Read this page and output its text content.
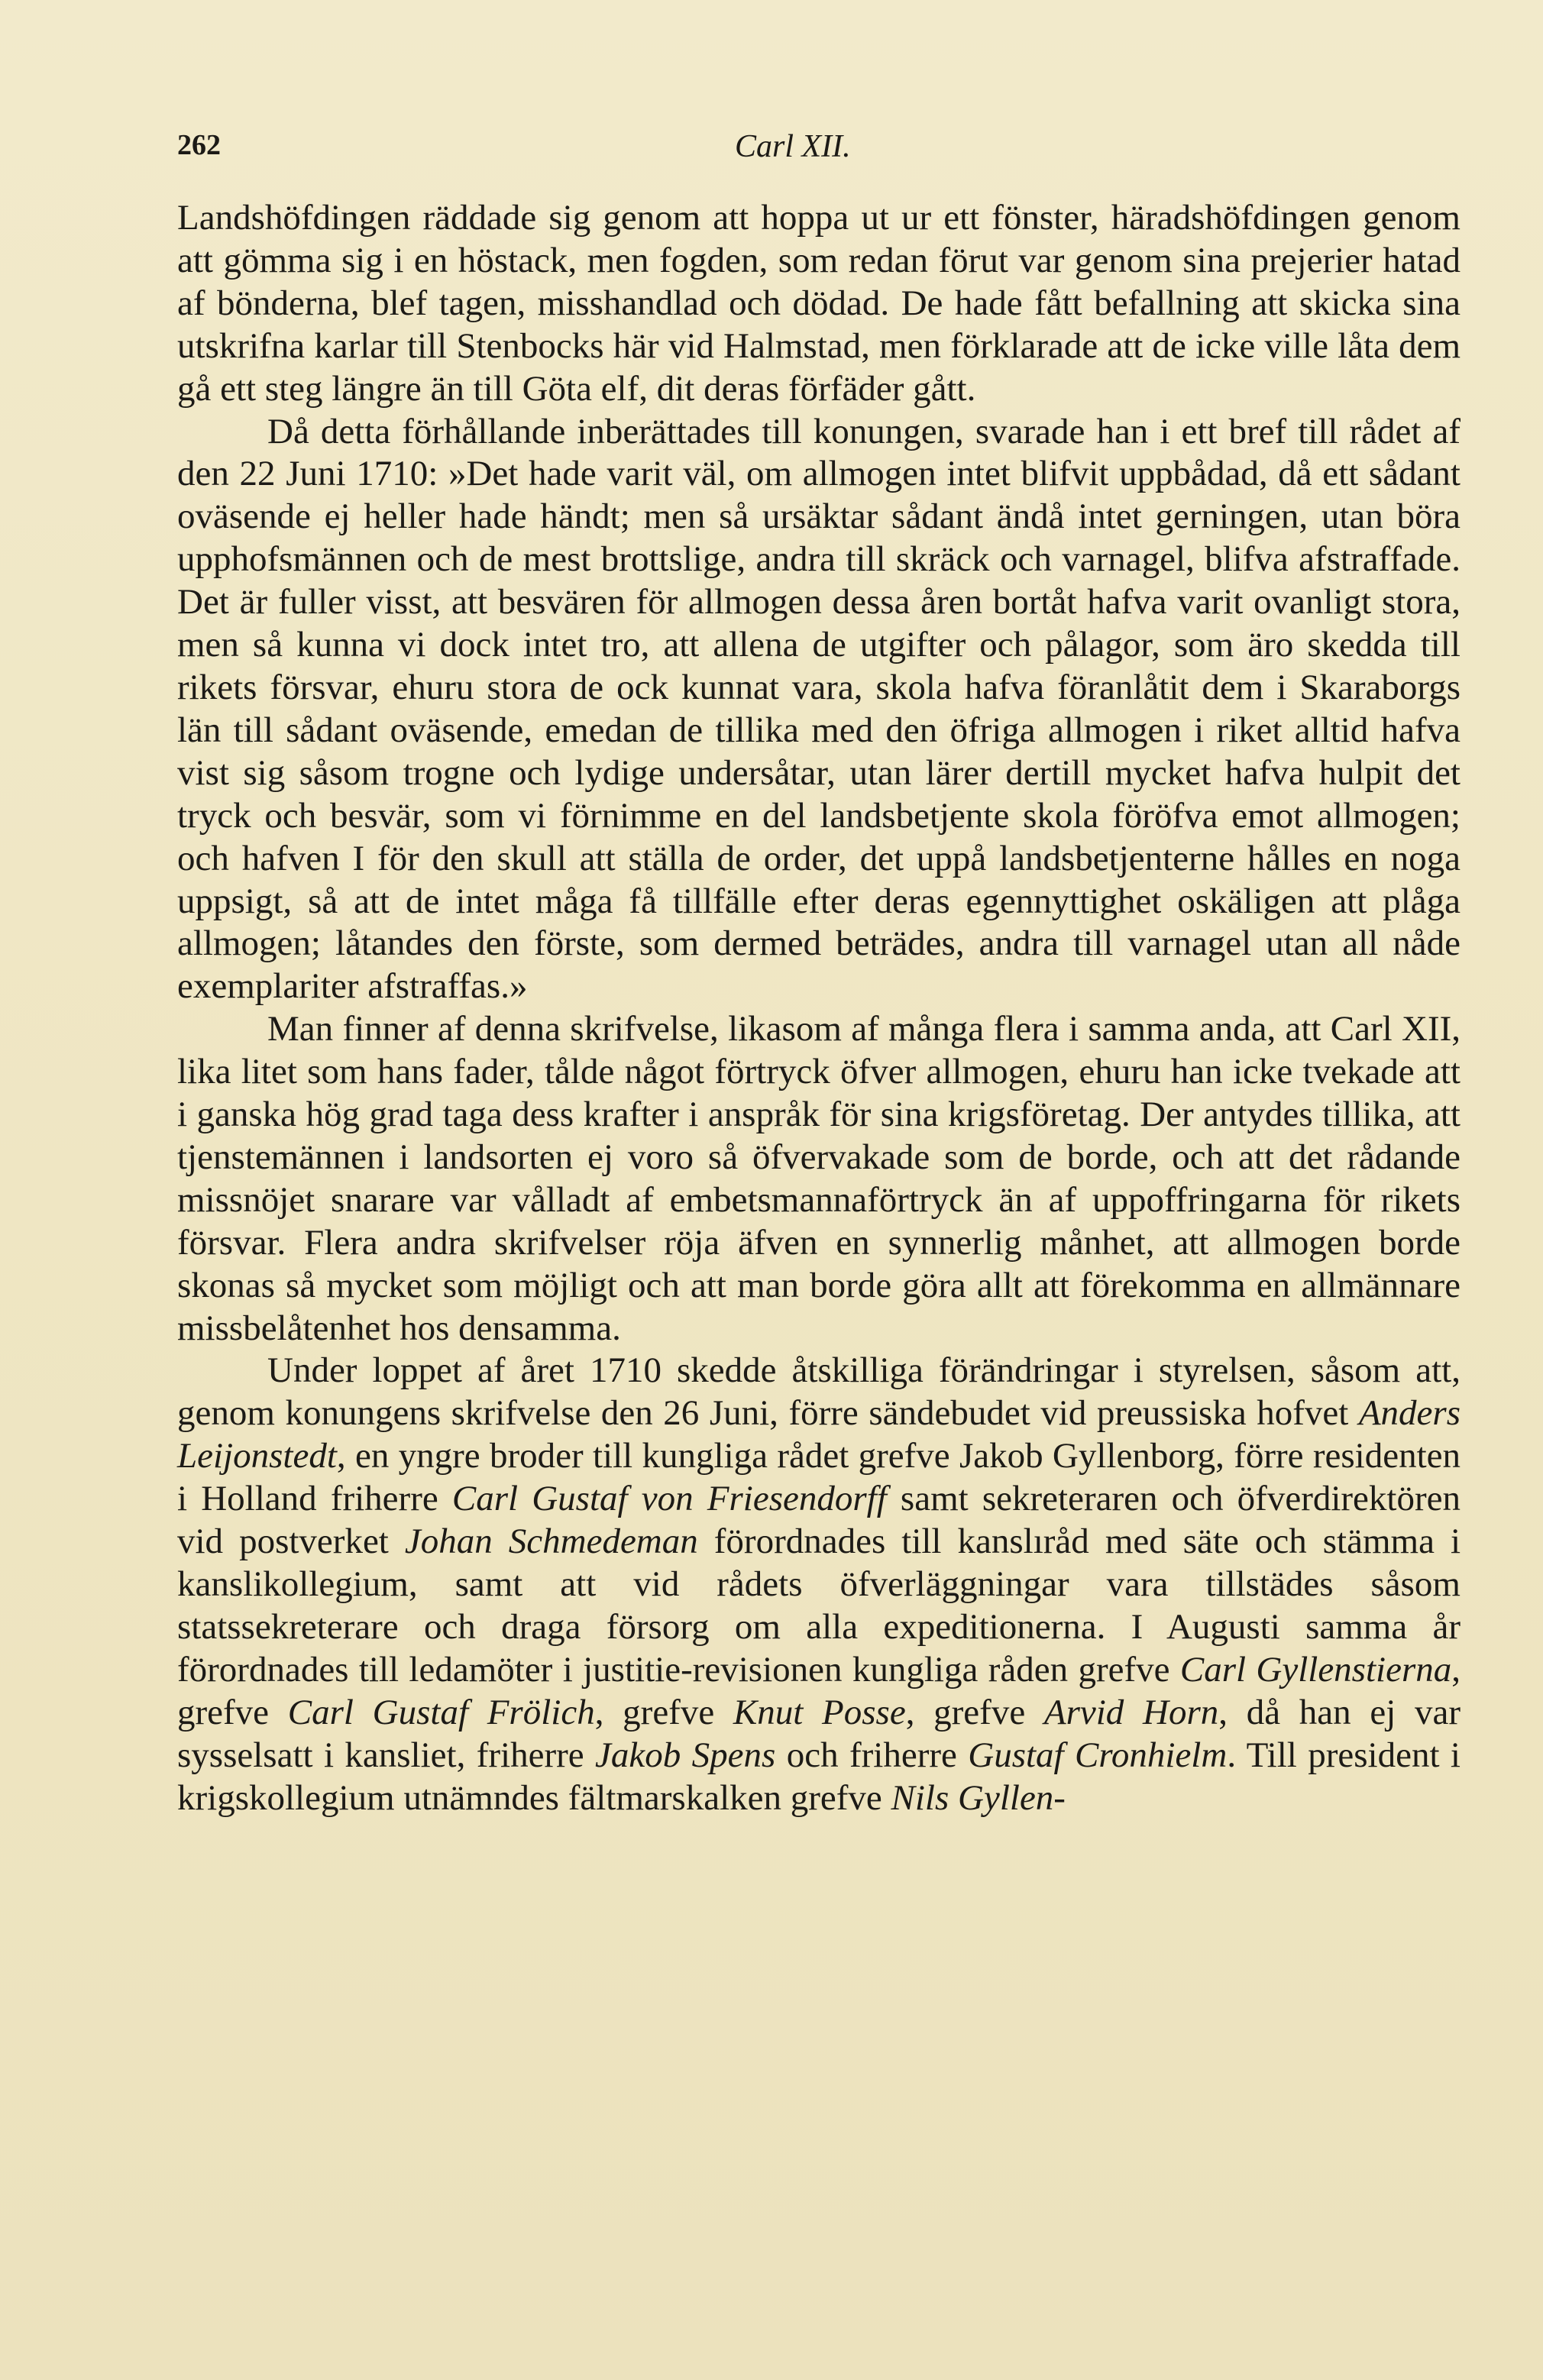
262	Carl XII.

Landshöfdingen räddade sig genom att hoppa ut ur ett fönster, häradshöfdingen genom att gömma sig i en höstack, men fogden, som redan förut var genom sina prejerier hatad af bönderna, blef tagen, misshandlad och dödad. De hade fått befallning att skicka sina utskrifna karlar till Stenbocks här vid Halmstad, men förklarade att de icke ville låta dem gå ett steg längre än till Göta elf, dit deras förfäder gått.

Då detta förhållande inberättades till konungen, svarade han i ett bref till rådet af den 22 Juni 1710: »Det hade varit väl, om allmogen intet blifvit uppbådad, då ett sådant oväsende ej heller hade händt; men så ursäktar sådant ändå intet gerningen, utan böra upphofsmännen och de mest brottslige, andra till skräck och varnagel, blifva afstraffade. Det är fuller visst, att besvären för allmogen dessa åren bortåt hafva varit ovanligt stora, men så kunna vi dock intet tro, att allena de utgifter och pålagor, som äro skedda till rikets försvar, ehuru stora de ock kunnat vara, skola hafva föranlåtit dem i Skaraborgs län till sådant oväsende, emedan de tillika med den öfriga allmogen i riket alltid hafva vist sig såsom trogne och lydige undersåtar, utan lärer dertill mycket hafva hulpit det tryck och besvär, som vi förnimme en del landsbetjente skola föröfva emot allmogen; och hafven I för den skull att ställa de order, det uppå landsbetjenterne hålles en noga uppsigt, så att de intet måga få tillfälle efter deras egennyttighet oskäligen att plåga allmogen; låtandes den förste, som dermed beträdes, andra till varnagel utan all nåde exemplariter afstraffas.»

Man finner af denna skrifvelse, likasom af många flera i samma anda, att Carl XII, lika litet som hans fader, tålde något förtryck öfver allmogen, ehuru han icke tvekade att i ganska hög grad taga dess krafter i anspråk för sina krigsföretag. Der antydes tillika, att tjenstemännen i landsorten ej voro så öfvervakade som de borde, och att det rådande missnöjet snarare var vålladt af embetsmannaförtryck än af uppoffringarna för rikets försvar. Flera andra skrifvelser röja äfven en synnerlig månhet, att allmogen borde skonas så mycket som möjligt och att man borde göra allt att förekomma en allmännare missbelåtenhet hos densamma.

Under loppet af året 1710 skedde åtskilliga förändringar i styrelsen, såsom att, genom konungens skrifvelse den 26 Juni, förre sändebudet vid preussiska hofvet Anders Leijonstedt, en yngre broder till kungliga rådet grefve Jakob Gyllenborg, förre residenten i Holland friherre Carl Gustaf von Friesendorff samt sekreteraren och öfverdirektören vid postverket Johan Schmedeman förordnades till kanslıråd med säte och stämma i kanslikollegium, samt att vid rådets öfverläggningar vara tillstädes såsom statssekreterare och draga försorg om alla expeditionerna. I Augusti samma år förordnades till ledamöter i justitie-revisionen kungliga råden grefve Carl Gyllenstierna, grefve Carl Gustaf Frölich, grefve Knut Posse, grefve Arvid Horn, då han ej var sysselsatt i kansliet, friherre Jakob Spens och friherre Gustaf Cronhielm. Till president i krigskollegium utnämndes fältmarskalken grefve Nils Gyllen-
